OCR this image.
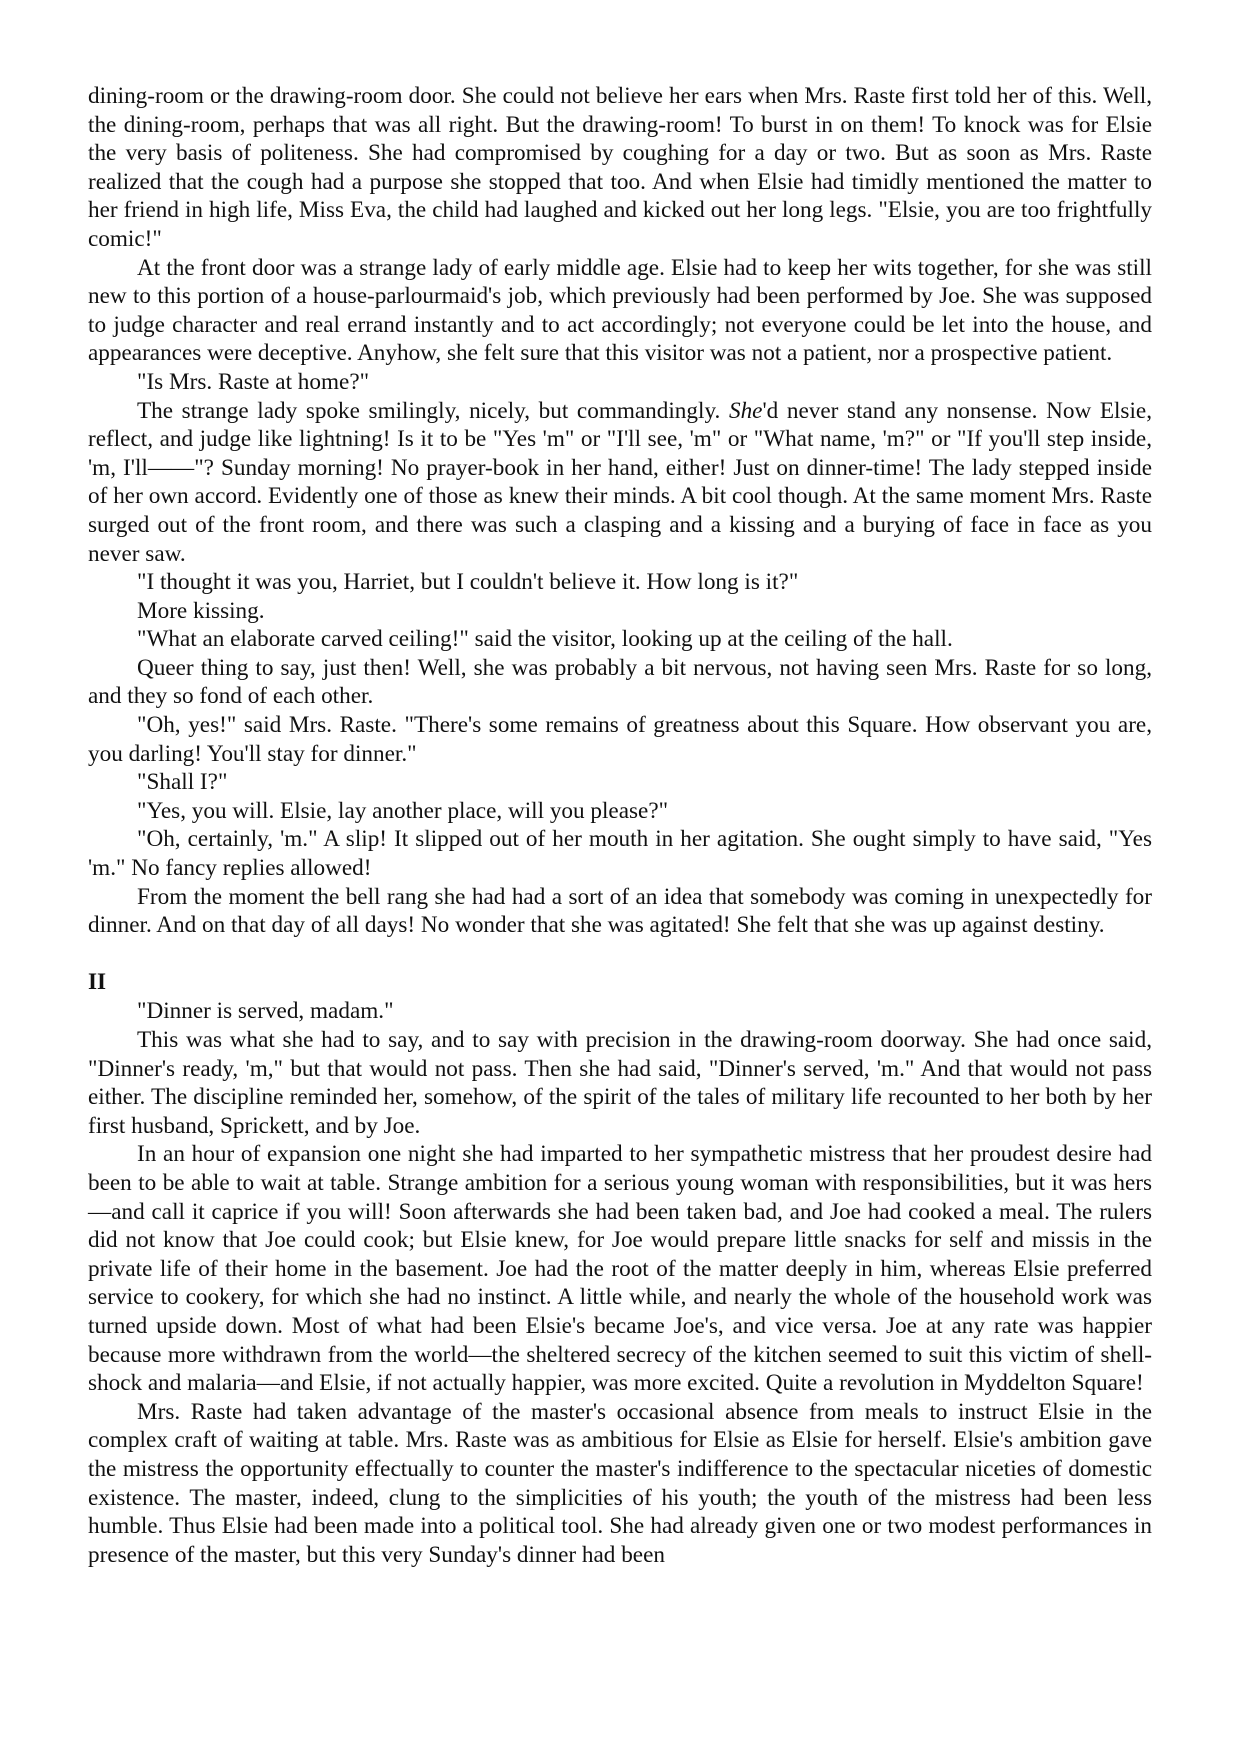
dining-room or the drawing-room door. She could not believe her ears when Mrs. Raste first told her of this. Well, the dining-room, perhaps that was all right. But the drawing-room! To burst in on them! To knock was for Elsie the very basis of politeness. She had compromised by coughing for a day or two. But as soon as Mrs. Raste realized that the cough had a purpose she stopped that too. And when Elsie had timidly mentioned the matter to her friend in high life, Miss Eva, the child had laughed and kicked out her long legs. "Elsie, you are too frightfully comic!"

At the front door was a strange lady of early middle age. Elsie had to keep her wits together, for she was still new to this portion of a house-parlourmaid's job, which previously had been performed by Joe. She was supposed to judge character and real errand instantly and to act accordingly; not everyone could be let into the house, and appearances were deceptive. Anyhow, she felt sure that this visitor was not a patient, nor a prospective patient.

"Is Mrs. Raste at home?"

The strange lady spoke smilingly, nicely, but commandingly. She'd never stand any nonsense. Now Elsie, reflect, and judge like lightning! Is it to be "Yes 'm" or "I'll see, 'm" or "What name, 'm?" or "If you'll step inside, 'm, I'll——"? Sunday morning! No prayer-book in her hand, either! Just on dinner-time! The lady stepped inside of her own accord. Evidently one of those as knew their minds. A bit cool though. At the same moment Mrs. Raste surged out of the front room, and there was such a clasping and a kissing and a burying of face in face as you never saw.

"I thought it was you, Harriet, but I couldn't believe it. How long is it?"

More kissing.

"What an elaborate carved ceiling!" said the visitor, looking up at the ceiling of the hall.

Queer thing to say, just then! Well, she was probably a bit nervous, not having seen Mrs. Raste for so long, and they so fond of each other.

"Oh, yes!" said Mrs. Raste. "There's some remains of greatness about this Square. How observant you are, you darling! You'll stay for dinner."

"Shall I?"

"Yes, you will. Elsie, lay another place, will you please?"

"Oh, certainly, 'm." A slip! It slipped out of her mouth in her agitation. She ought simply to have said, "Yes 'm." No fancy replies allowed!

From the moment the bell rang she had had a sort of an idea that somebody was coming in unexpectedly for dinner. And on that day of all days! No wonder that she was agitated! She felt that she was up against destiny.

II

"Dinner is served, madam."

This was what she had to say, and to say with precision in the drawing-room doorway. She had once said, "Dinner's ready, 'm," but that would not pass. Then she had said, "Dinner's served, 'm." And that would not pass either. The discipline reminded her, somehow, of the spirit of the tales of military life recounted to her both by her first husband, Sprickett, and by Joe.

In an hour of expansion one night she had imparted to her sympathetic mistress that her proudest desire had been to be able to wait at table. Strange ambition for a serious young woman with responsibilities, but it was hers—and call it caprice if you will! Soon afterwards she had been taken bad, and Joe had cooked a meal. The rulers did not know that Joe could cook; but Elsie knew, for Joe would prepare little snacks for self and missis in the private life of their home in the basement. Joe had the root of the matter deeply in him, whereas Elsie preferred service to cookery, for which she had no instinct. A little while, and nearly the whole of the household work was turned upside down. Most of what had been Elsie's became Joe's, and vice versa. Joe at any rate was happier because more withdrawn from the world—the sheltered secrecy of the kitchen seemed to suit this victim of shell-shock and malaria—and Elsie, if not actually happier, was more excited. Quite a revolution in Myddelton Square!

Mrs. Raste had taken advantage of the master's occasional absence from meals to instruct Elsie in the complex craft of waiting at table. Mrs. Raste was as ambitious for Elsie as Elsie for herself. Elsie's ambition gave the mistress the opportunity effectually to counter the master's indifference to the spectacular niceties of domestic existence. The master, indeed, clung to the simplicities of his youth; the youth of the mistress had been less humble. Thus Elsie had been made into a political tool. She had already given one or two modest performances in presence of the master, but this very Sunday's dinner had been
